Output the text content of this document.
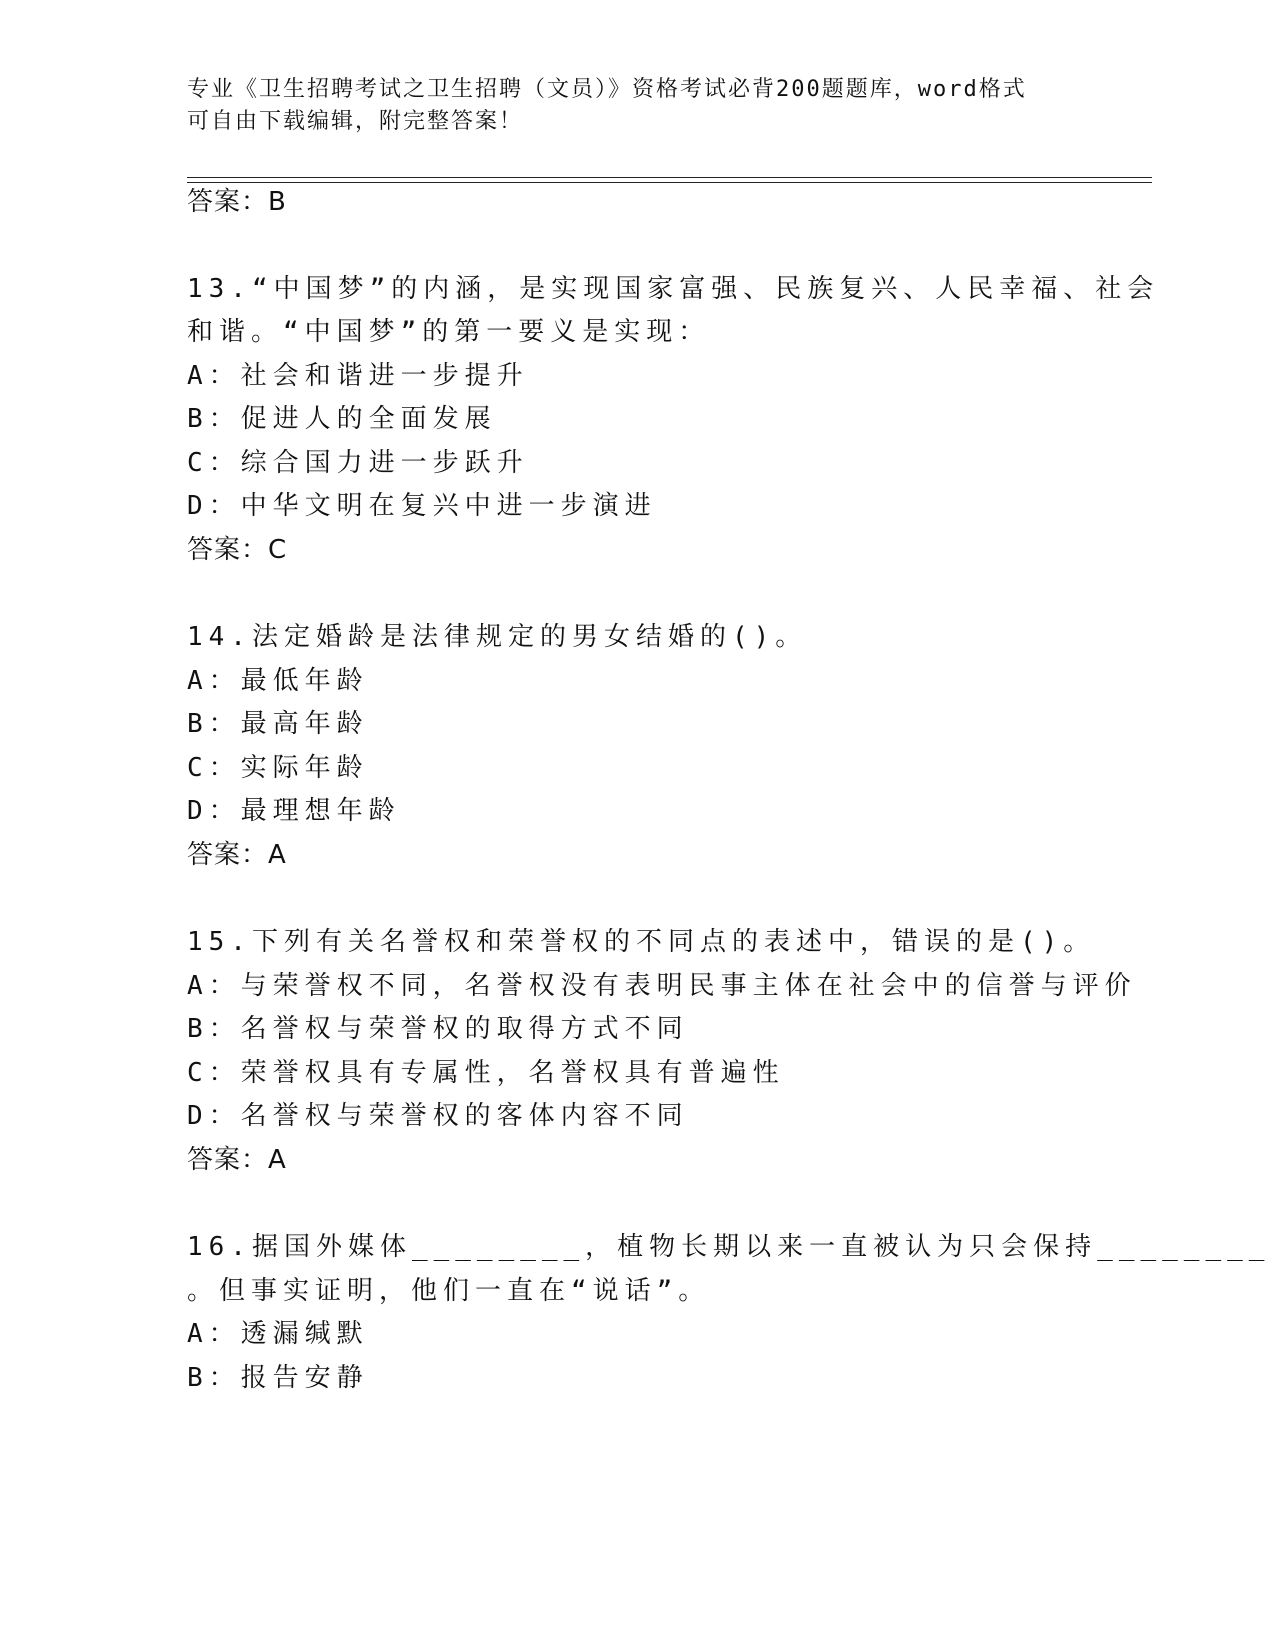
专业《卫生招聘考试之卫生招聘（文员）》资格考试必背200题题库，word格式
可自由下载编辑，附完整答案！
答案：B
13.“中国梦”的内涵，是实现国家富强、民族复兴、人民幸福、社会
和谐。“中国梦”的第一要义是实现：
A：社会和谐进一步提升
B：促进人的全面发展
C：综合国力进一步跃升
D：中华文明在复兴中进一步演进
答案：C
14.法定婚龄是法律规定的男女结婚的()。
A：最低年龄
B：最高年龄
C：实际年龄
D：最理想年龄
答案：A
15.下列有关名誉权和荣誉权的不同点的表述中，错误的是()。
A：与荣誉权不同，名誉权没有表明民事主体在社会中的信誉与评价
B：名誉权与荣誉权的取得方式不同
C：荣誉权具有专属性，名誉权具有普遍性
D：名誉权与荣誉权的客体内容不同
答案：A
16.据国外媒体________，植物长期以来一直被认为只会保持________
。但事实证明，他们一直在“说话”。
A：透漏缄默
B：报告安静
